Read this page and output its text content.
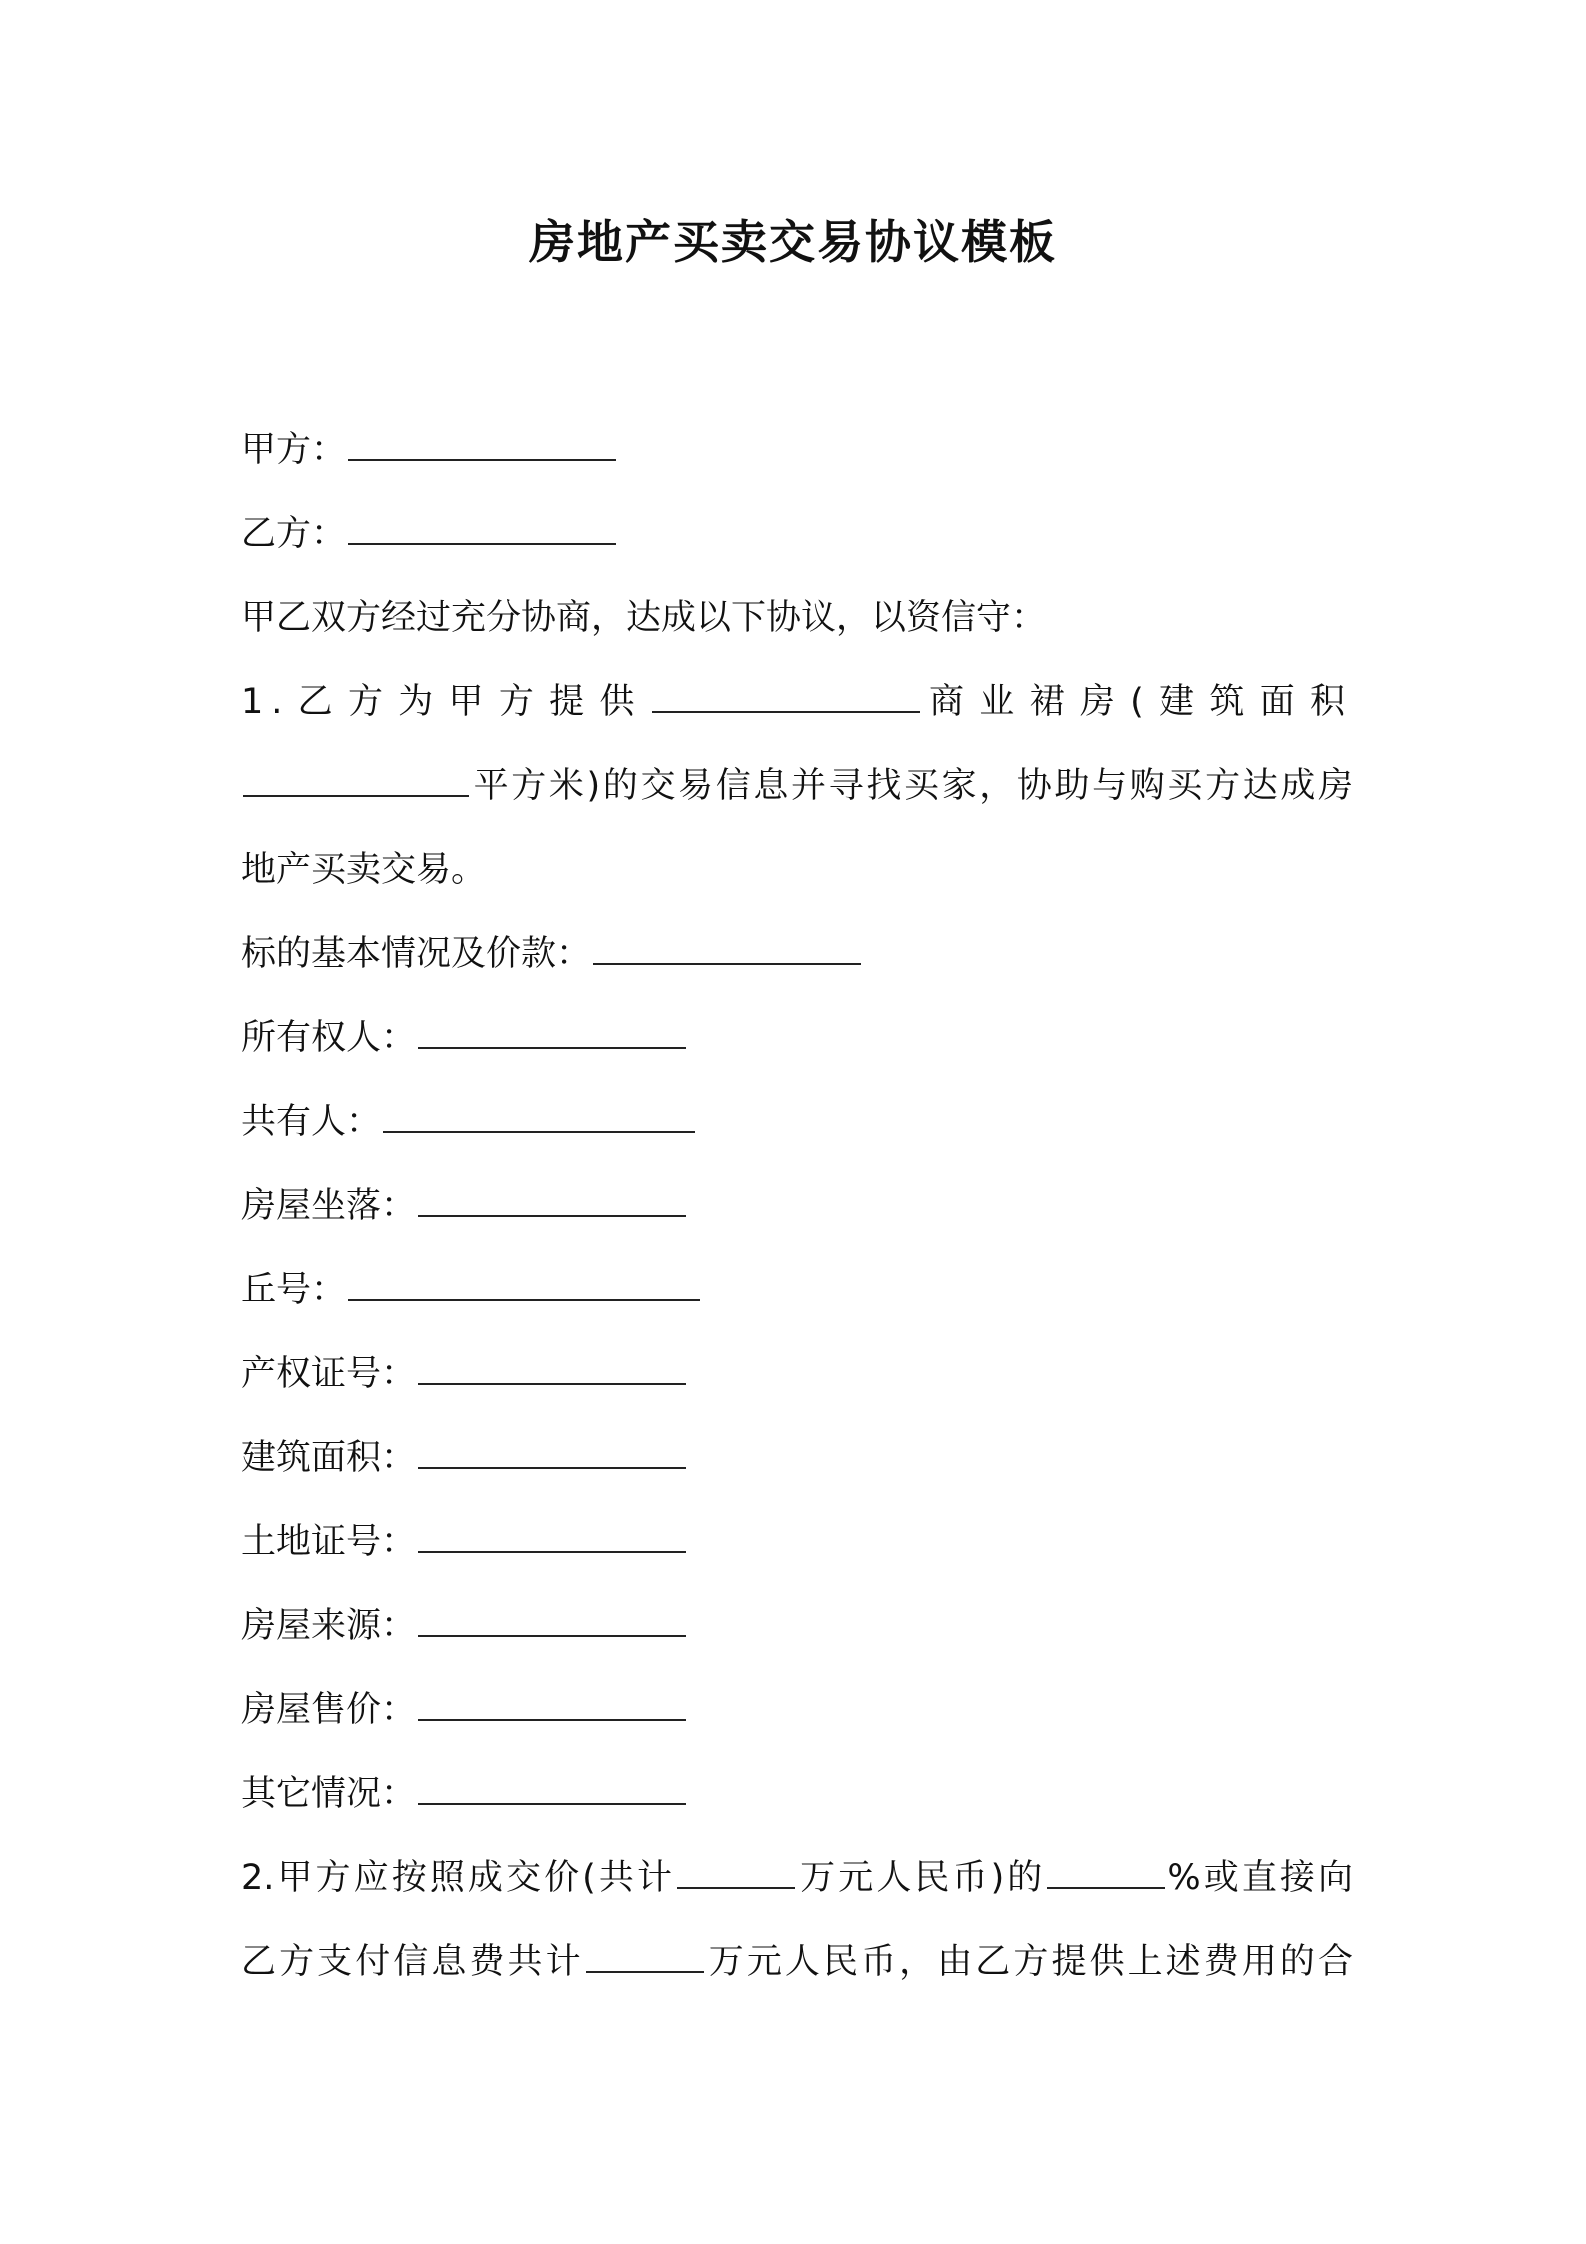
房地产买卖交易协议模板
甲方：
乙方：
甲乙双方经过充分协商，达成以下协议，以资信守：
1.乙方为甲方提供	商业裙房(建筑面积
平方米)的交易信息并寻找买家，协助与购买方达成房
地产买卖交易。
标的基本情况及价款：
所有权人：
共有人：
房屋坐落：
丘号：
产权证号：
建筑面积：
土地证号：
房屋来源：
房屋售价：
其它情况：
2.甲方应按照成交价(共计	万元人民币)的	%或直接向
乙方支付信息费共计	万元人民币，由乙方提供上述费用的合
